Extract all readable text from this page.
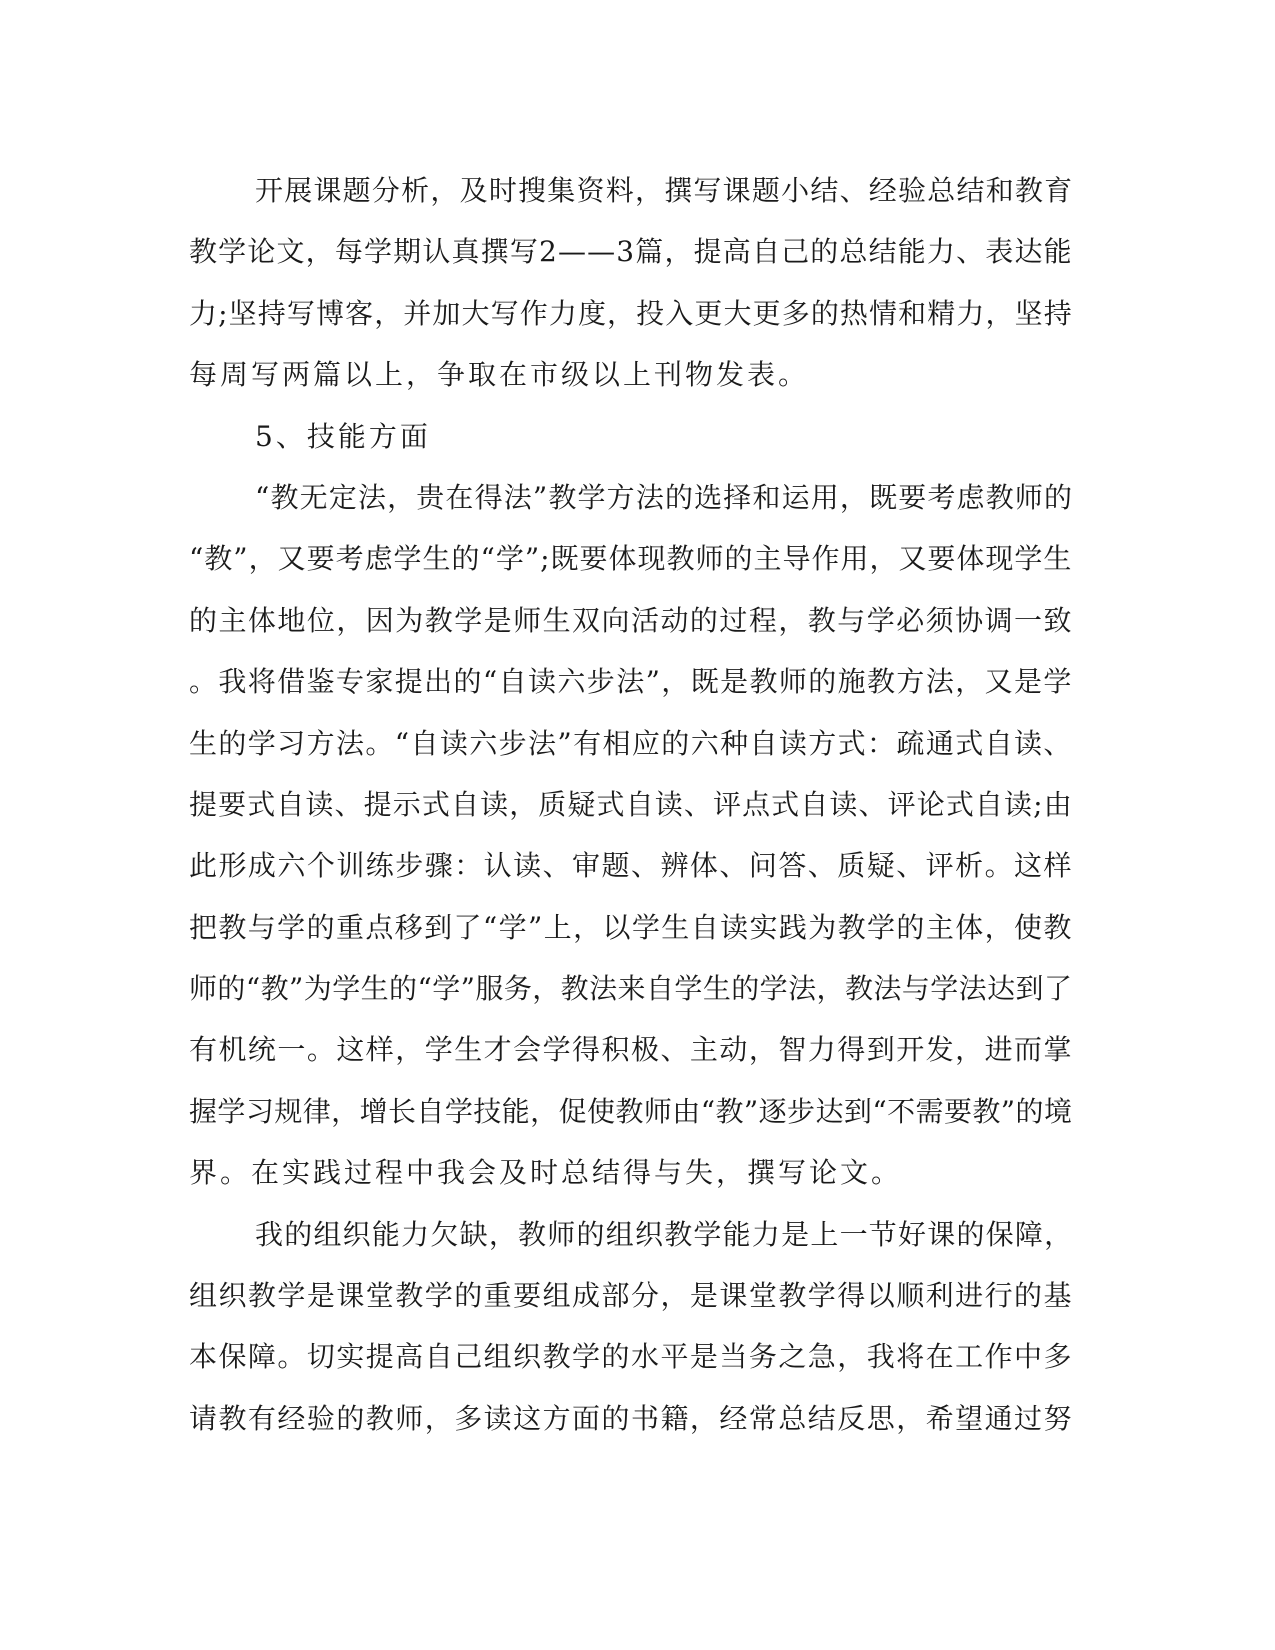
开展课题分析，及时搜集资料，撰写课题小结、经验总结和教育
教学论文，每学期认真撰写2——3篇，提高自己的总结能力、表达能
力;坚持写博客，并加大写作力度，投入更大更多的热情和精力，坚持
每周写两篇以上，争取在市级以上刊物发表。
5、技能方面
“教无定法，贵在得法”教学方法的选择和运用，既要考虑教师的
“教”，又要考虑学生的“学”;既要体现教师的主导作用，又要体现学生
的主体地位，因为教学是师生双向活动的过程，教与学必须协调一致
。我将借鉴专家提出的“自读六步法”，既是教师的施教方法，又是学
生的学习方法。“自读六步法”有相应的六种自读方式：疏通式自读、
提要式自读、提示式自读，质疑式自读、评点式自读、评论式自读;由
此形成六个训练步骤：认读、审题、辨体、问答、质疑、评析。这样
把教与学的重点移到了“学”上，以学生自读实践为教学的主体，使教
师的“教”为学生的“学”服务，教法来自学生的学法，教法与学法达到了
有机统一。这样，学生才会学得积极、主动，智力得到开发，进而掌
握学习规律，增长自学技能，促使教师由“教”逐步达到“不需要教”的境
界。在实践过程中我会及时总结得与失，撰写论文。
我的组织能力欠缺，教师的组织教学能力是上一节好课的保障，
组织教学是课堂教学的重要组成部分，是课堂教学得以顺利进行的基
本保障。切实提高自己组织教学的水平是当务之急，我将在工作中多
请教有经验的教师，多读这方面的书籍，经常总结反思，希望通过努
